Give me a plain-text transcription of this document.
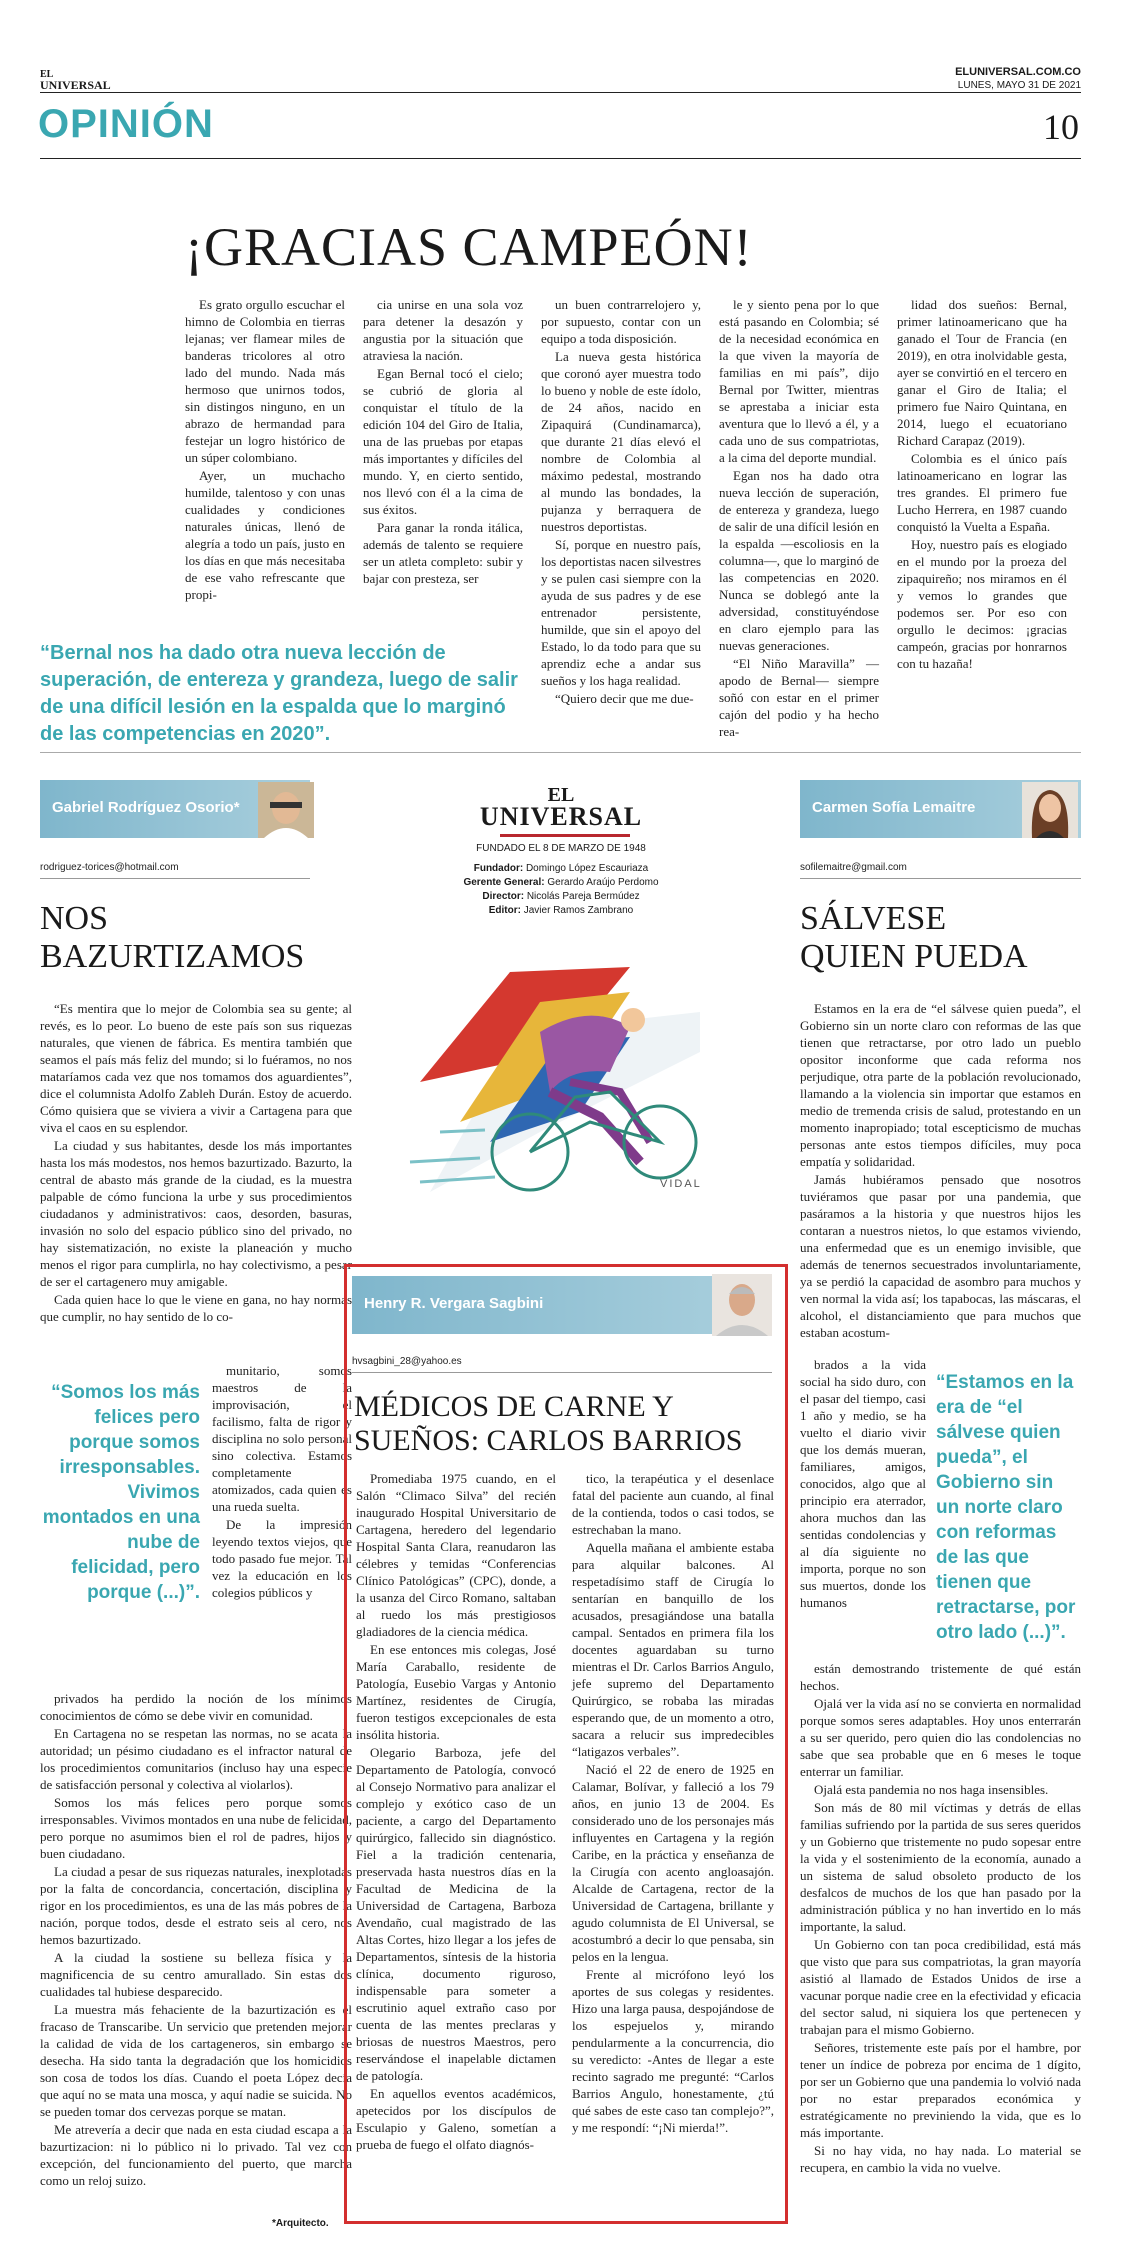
EL
UNIVERSAL
ELUNIVERSAL.COM.CO
LUNES, MAYO 31 DE 2021
OPINIÓN	10
¡GRACIAS CAMPEÓN!

Es grato orgullo escuchar el himno de Colombia en tierras lejanas; ver flamear miles de banderas tricolores al otro lado del mundo. Nada más hermoso que unirnos todos, sin distingos ninguno, en un abrazo de hermandad para festejar un logro histórico de un súper colombiano.

Ayer, un muchacho humilde, talentoso y con unas cualidades y condiciones naturales únicas, llenó de alegría a todo un país, justo en los días en que más necesitaba de ese vaho refrescante que propi-

cia unirse en una sola voz para detener la desazón y angustia por la situación que atraviesa la nación.

Egan Bernal tocó el cielo; se cubrió de gloria al conquistar el título de la edición 104 del Giro de Italia, una de las pruebas por etapas más importantes y difíciles del mundo. Y, en cierto sentido, nos llevó con él a la cima de sus éxitos.

Para ganar la ronda itálica, además de talento se requiere ser un atleta completo: subir y bajar con presteza, ser

un buen contrarrelojero y, por supuesto, contar con un equipo a toda disposición.

La nueva gesta histórica que coronó ayer muestra todo lo bueno y noble de este ídolo, de 24 años, nacido en Zipaquirá (Cundinamarca), que durante 21 días elevó el nombre de Colombia al máximo pedestal, mostrando al mundo las bondades, la pujanza y berraquera de nuestros deportistas.

Sí, porque en nuestro país, los deportistas nacen silvestres y se pulen casi siempre con la ayuda de sus padres y de ese entrenador persistente, humilde, que sin el apoyo del Estado, lo da todo para que su aprendiz eche a andar sus sueños y los haga realidad.

“Quiero decir que me due-

le y siento pena por lo que está pasando en Colombia; sé de la necesidad económica en la que viven la mayoría de familias en mi país”, dijo Bernal por Twitter, mientras se aprestaba a iniciar esta aventura que lo llevó a él, y a cada uno de sus compatriotas, a la cima del deporte mundial.

Egan nos ha dado otra nueva lección de superación, de entereza y grandeza, luego de salir de una difícil lesión en la espalda —escoliosis en la columna—, que lo marginó de las competencias en 2020. Nunca se doblegó ante la adversidad, constituyéndose en claro ejemplo para las nuevas generaciones.

“El Niño Maravilla” —apodo de Bernal— siempre soñó con estar en el primer cajón del podio y ha hecho rea-

lidad dos sueños: Bernal, primer latinoamericano que ha ganado el Tour de Francia (en 2019), en otra inolvidable gesta, ayer se convirtió en el tercero en ganar el Giro de Italia; el primero fue Nairo Quintana, en 2014, luego el ecuatoriano Richard Carapaz (2019).

Colombia es el único país latinoamericano en lograr las tres grandes. El primero fue Lucho Herrera, en 1987 cuando conquistó la Vuelta a España.

Hoy, nuestro país es elogiado en el mundo por la proeza del zipaquireño; nos miramos en él y vemos lo grandes que podemos ser. Por eso con orgullo le decimos: ¡gracias campeón, gracias por honrarnos con tu hazaña!

“Bernal nos ha dado otra nueva lección de superación, de entereza y grandeza, luego de salir de una difícil lesión en la espalda que lo marginó de las competencias en 2020”.
Gabriel Rodríguez Osorio*
rodriguez-torices@hotmail.com
NOS
BAZURTIZAMOS

“Es mentira que lo mejor de Colombia sea su gente; al revés, es lo peor. Lo bueno de este país son sus riquezas naturales, que vienen de fábrica. Es mentira también que seamos el país más feliz del mundo; si lo fuéramos, no nos mataríamos cada vez que nos tomamos dos aguardientes”, dice el columnista Adolfo Zableh Durán. Estoy de acuerdo. Cómo quisiera que se viviera a vivir a Cartagena para que viva el caos en su esplendor.

La ciudad y sus habitantes, desde los más importantes hasta los más modestos, nos hemos bazurtizado. Bazurto, la central de abasto más grande de la ciudad, es la muestra palpable de cómo funciona la urbe y sus procedimientos ciudadanos y administrativos: caos, desorden, basuras, invasión no solo del espacio público sino del privado, no hay sistematización, no existe la planeación y mucho menos el rigor para cumplirla, no hay colectivismo, a pesar de ser el cartagenero muy amigable.

Cada quien hace lo que le viene en gana, no hay normas que cumplir, no hay sentido de lo co-

munitario, somos maestros de la improvisación, el facilismo, falta de rigor y disciplina no solo personal sino colectiva. Estamos completamente atomizados, cada quien es una rueda suelta.

De la impresión leyendo textos viejos, que todo pasado fue mejor. Tal vez la educación en los colegios públicos y

“Somos los más felices pero porque somos irresponsables. Vivimos montados en una nube de felicidad, pero porque (...)”.

privados ha perdido la noción de los mínimos conocimientos de cómo se debe vivir en comunidad.

En Cartagena no se respetan las normas, no se acata la autoridad; un pésimo ciudadano es el infractor natural de los procedimientos comunitarios (incluso hay una especie de satisfacción personal y colectiva al violarlos).

Somos los más felices pero porque somos irresponsables. Vivimos montados en una nube de felicidad, pero porque no asumimos bien el rol de padres, hijos y buen ciudadano.

La ciudad a pesar de sus riquezas naturales, inexplotadas por la falta de concordancia, concertación, disciplina y rigor en los procedimientos, es una de las más pobres de la nación, porque todos, desde el estrato seis al cero, nos hemos bazurtizado.

A la ciudad la sostiene su belleza física y la magnificencia de su centro amurallado. Sin estas dos cualidades tal hubiese desparecido.

La muestra más fehaciente de la bazurtización es el fracaso de Transcaribe. Un servicio que pretenden mejorar la calidad de vida de los cartageneros, sin embargo se desecha. Ha sido tanta la degradación que los homicidios son cosa de todos los días. Cuando el poeta López decía que aquí no se mata una mosca, y aquí nadie se suicida. No se pueden tomar dos cervezas porque se matan.

Me atrevería a decir que nada en esta ciudad escapa a la bazurtizacion: ni lo público ni lo privado. Tal vez con excepción, del funcionamiento del puerto, que marcha como un reloj suizo.

*Arquitecto.
EL
UNIVERSAL
FUNDADO EL 8 DE MARZO DE 1948
Fundador: Domingo López Escauriaza
Gerente General: Gerardo Araújo Perdomo
Director: Nicolás Pareja Bermúdez
Editor: Javier Ramos Zambrano
VIDAL
Henry R. Vergara Sagbini
hvsagbini_28@yahoo.es
MÉDICOS DE CARNE Y
SUEÑOS: CARLOS BARRIOS

Promediaba 1975 cuando, en el Salón “Climaco Silva” del recién inaugurado Hospital Universitario de Cartagena, heredero del legendario Hospital Santa Clara, reanudaron las célebres y temidas “Conferencias Clínico Patológicas” (CPC), donde, a la usanza del Circo Romano, saltaban al ruedo los más prestigiosos gladiadores de la ciencia médica.

En ese entonces mis colegas, José María Caraballo, residente de Patología, Eusebio Vargas y Antonio Martínez, residentes de Cirugía, fueron testigos excepcionales de esta insólita historia.

Olegario Barboza, jefe del Departamento de Patología, convocó al Consejo Normativo para analizar el complejo y exótico caso de un paciente, a cargo del Departamento quirúrgico, fallecido sin diagnóstico. Fiel a la tradición centenaria, preservada hasta nuestros días en la Facultad de Medicina de la Universidad de Cartagena, Barboza Avendaño, cual magistrado de las Altas Cortes, hizo llegar a los jefes de Departamentos, síntesis de la historia clínica, documento riguroso, indispensable para someter a escrutinio aquel extraño caso por cuenta de las mentes preclaras y briosas de nuestros Maestros, pero reservándose el inapelable dictamen de patología.

En aquellos eventos académicos, apetecidos por los discípulos de Esculapio y Galeno, sometían a prueba de fuego el olfato diagnós-

tico, la terapéutica y el desenlace fatal del paciente aun cuando, al final de la contienda, todos o casi todos, se estrechaban la mano.

Aquella mañana el ambiente estaba para alquilar balcones. Al respetadísimo staff de Cirugía lo sentarían en banquillo de los acusados, presagiándose una batalla campal. Sentados en primera fila los docentes aguardaban su turno mientras el Dr. Carlos Barrios Angulo, jefe supremo del Departamento Quirúrgico, se robaba las miradas esperando que, de un momento a otro, sacara a relucir sus impredecibles “latigazos verbales”.

Nació el 22 de enero de 1925 en Calamar, Bolívar, y falleció a los 79 años, en junio 13 de 2004. Es considerado uno de los personajes más influyentes en Cartagena y la región Caribe, en la práctica y enseñanza de la Cirugía con acento angloasajón. Alcalde de Cartagena, rector de la Universidad de Cartagena, brillante y agudo columnista de El Universal, se acostumbró a decir lo que pensaba, sin pelos en la lengua.

Frente al micrófono leyó los aportes de sus colegas y residentes. Hizo una larga pausa, despojándose de los espejuelos y, mirando pendularmente a la concurrencia, dio su veredicto: -Antes de llegar a este recinto sagrado me pregunté: “Carlos Barrios Angulo, honestamente, ¿tú qué sabes de este caso tan complejo?”, y me respondí: “¡Ni mierda!”.

Carmen Sofía Lemaitre
sofilemaitre@gmail.com
SÁLVESE
QUIEN PUEDA

Estamos en la era de “el sálvese quien pueda”, el Gobierno sin un norte claro con reformas de las que tienen que retractarse, por otro lado un pueblo opositor inconforme que cada reforma nos perjudique, otra parte de la población revolucionado, llamando a la violencia sin importar que estamos en medio de tremenda crisis de salud, protestando en un momento inapropiado; total escepticismo de muchas personas ante estos tiempos difíciles, muy poca empatía y solidaridad.

Jamás hubiéramos pensado que nosotros tuviéramos que pasar por una pandemia, que pasáramos a la historia y que nuestros hijos les contaran a nuestros nietos, lo que estamos viviendo, una enfermedad que es un enemigo invisible, que además de tenernos secuestrados involuntariamente, ya se perdió la capacidad de asombro para muchos y ven normal la vida así; los tapabocas, las máscaras, el alcohol, el distanciamiento que para muchos que estaban acostum-

brados a la vida social ha sido duro, con el pasar del tiempo, casi 1 año y medio, se ha vuelto el diario vivir que los demás mueran, familiares, amigos, conocidos, algo que al principio era aterrador, ahora muchos dan las sentidas condolencias y al día siguiente no importa, porque no son sus muertos, donde los humanos

“Estamos en la era de “el sálvese quien pueda”, el Gobierno sin un norte claro con reformas de las que tienen que retractarse, por otro lado (...)”.

están demostrando tristemente de qué están hechos.

Ojalá ver la vida así no se convierta en normalidad porque somos seres adaptables. Hoy unos enterrarán a su ser querido, pero quien dio las condolencias no sabe que sea probable que en 6 meses le toque enterrar un familiar.

Ojalá esta pandemia no nos haga insensibles.

Son más de 80 mil víctimas y detrás de ellas familias sufriendo por la partida de sus seres queridos y un Gobierno que tristemente no pudo sopesar entre la vida y el sostenimiento de la economía, aunado a un sistema de salud obsoleto producto de los desfalcos de muchos de los que han pasado por la administración pública y no han invertido en lo más importante, la salud.

Un Gobierno con tan poca credibilidad, está más que visto que para sus compatriotas, la gran mayoría asistió al llamado de Estados Unidos de irse a vacunar porque nadie cree en la efectividad y eficacia del sector salud, ni siquiera los que pertenecen y trabajan para el mismo Gobierno.

Señores, tristemente este país por el hambre, por tener un índice de pobreza por encima de 1 dígito, por ser un Gobierno que una pandemia lo volvió nada por no estar preparados económica y estratégicamente no previniendo la vida, que es lo más importante.

Si no hay vida, no hay nada. Lo material se recupera, en cambio la vida no vuelve.
